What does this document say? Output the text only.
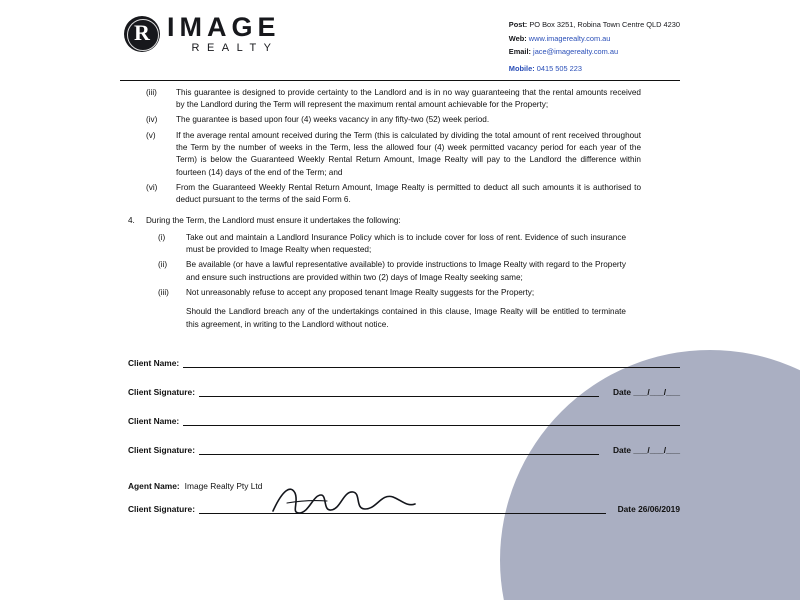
R IMAGE
REALTY
Post: PO Box 3251, Robina Town Centre QLD 4230
Web: www.imagerealty.com.au
Email: jace@imagerealty.com.au
Mobile: 0415 505 223
(iii)	This guarantee is designed to provide certainty to the Landlord and is in no way guaranteeing that the rental amounts received by the Landlord during the Term will represent the maximum rental amount achievable for the Property;
(iv)	The guarantee is based upon four (4) weeks vacancy in any fifty-two (52) week period.
(v)	If the average rental amount received during the Term (this is calculated by dividing the total amount of rent received throughout the Term by the number of weeks in the Term, less the allowed four (4) week permitted vacancy period for each year of the Term) is below the Guaranteed Weekly Rental Return Amount, Image Realty will pay to the Landlord the difference within fourteen (14) days of the end of the Term; and
(vi)	From the Guaranteed Weekly Rental Return Amount, Image Realty is permitted to deduct all such amounts it is authorised to deduct pursuant to the terms of the said Form 6.
4.	During the Term, the Landlord must ensure it undertakes the following:
(i)	Take out and maintain a Landlord Insurance Policy which is to include cover for loss of rent. Evidence of such insurance must be provided to Image Realty when requested;

(ii)	Be available (or have a lawful representative available) to provide instructions to Image Realty with regard to the Property and ensure such instructions are provided within two (2) days of Image Realty seeking same;

(iii)	Not unreasonably refuse to accept any proposed tenant Image Realty suggests for the Property;

Should the Landlord breach any of the undertakings contained in this clause, Image Realty will be entitled to terminate this agreement, in writing to the Landlord without notice.

Client Name:
Client Signature:	Date ___/___/___
Client Name:
Client Signature:	Date ___/___/___
Agent Name: Image Realty Pty Ltd
Client Signature:	Date 26/06/2019
